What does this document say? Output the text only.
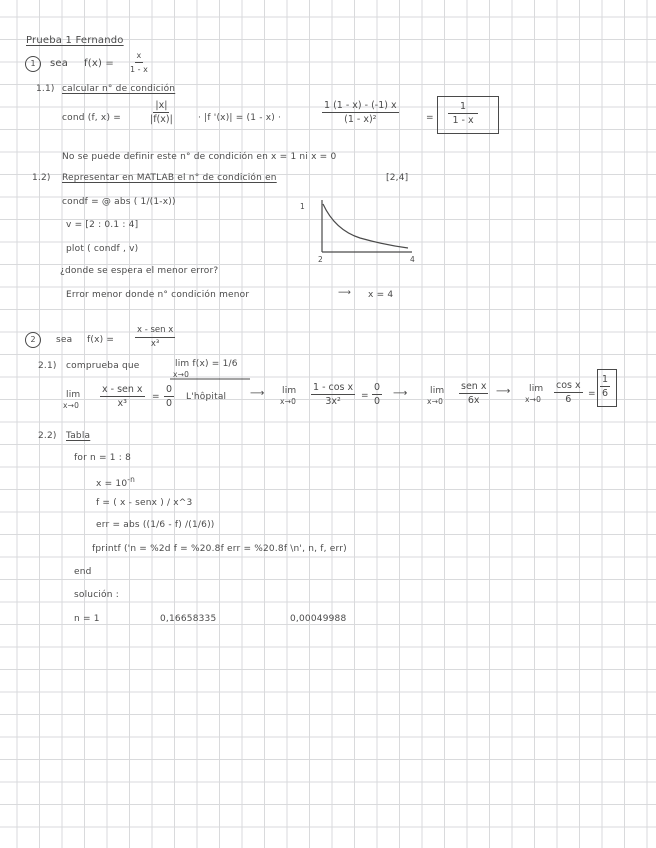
Prueba 1 Fernando
1	sea $f(x) = \frac{x}{1 - x}$
1.1) calcular n° de condición
cond (f, x) =	$\frac{|x|}{|f(x)|}$	· |f '(x)| = (1 - x) ·	$\frac{1 (1 - x) - (-1) x}{\text{(1 - x)²}}$	= $\frac{1}{1 - x}$
No se puede definir este n° de condición en x = 1 ni x = 0
1.2) Representar en MATLAB el n° de condición en	[2,4]
condf = @ abs ( 1/(1-x))
v = [2 : 0.1 : 4]
plot ( condf , v)
¿donde se espera el menor error?
Error menor donde n° condición menor	⟶ x = 4
1
2	4
2	sea f(x) =
x - sen x
x³
2.1) comprueba que	lim f(x) = 1/6
x→0
lim
x→0
x - sen x
x³
= $\frac{0}{0}$ L'hôpital ⟶ lim
$x\to 0 \frac{\text{1 - cos x}}{\text{3x²}} = \frac{0}{0}$ ⟶ lim
x→0
sen x
6x
⟶ lim
$x\to 0 \frac{\text{cos x}}{6} = \frac{1}{6}$
2.2) Tabla
for n = 1 : 8
$x = 10^{-n}$
f = ( x - senx ) / x^3
err = abs ((1/6 - f) /(1/6))
fprintf ('n = %2d f = %20.8f err = %20.8f \n', n, f, err)
end
solución :
n = 1	0,16658335	0,00049988
